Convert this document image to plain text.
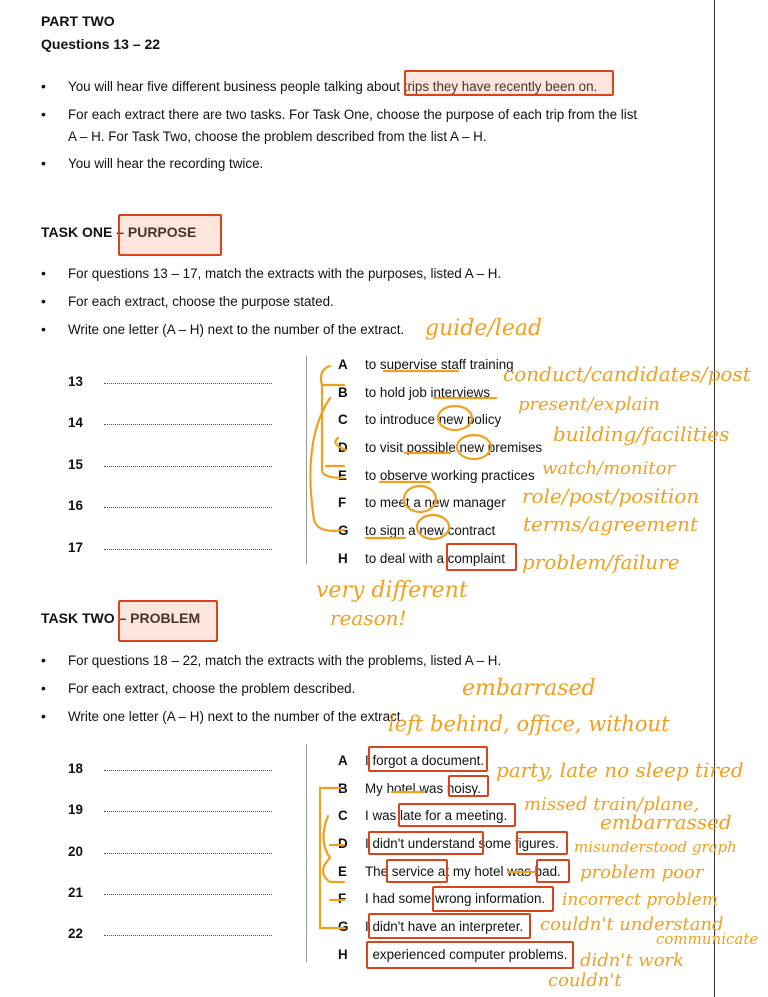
PART TWO
Questions 13 – 22
• You will hear five different business people talking about trips they have recently been on.
• For each extract there are two tasks. For Task One, choose the purpose of each trip from the list
A – H. For Task Two, choose the problem described from the list A – H.
• You will hear the recording twice.
TASK ONE – PURPOSE
• For questions 13 – 17, match the extracts with the purposes, listed A – H.
• For each extract, choose the purpose stated.
• Write one letter (A – H) next to the number of the extract.
13
14
15
16
17
A to supervise staff training
B to hold job interviews
C to introduce new policy
D to visit possible new premises
E to observe working practices
F to meet a new manager
G to sign a new contract
H to deal with a complaint
guide/lead
conduct/candidates/post
present/explain
building/facilities
watch/monitor
role/post/position
terms/agreement
problem/failure
very different
reason!
TASK TWO – PROBLEM
• For questions 18 – 22, match the extracts with the problems, listed A – H.
• For each extract, choose the problem described.
• Write one letter (A – H) next to the number of the extract.
18
19
20
21
22
A I forgot a document.
B My hotel was noisy.
C I was late for a meeting.
D I didn't understand some figures.
E The service at my hotel was bad.
F I had some wrong information.
G I didn't have an interpreter.
H I experienced computer problems.
embarrased
left behind, office, without
party, late no sleep tired
missed train/plane,
embarrassed
misunderstood graph
problem poor
incorrect problem
couldn't understand
communicate
didn't work
couldn't
